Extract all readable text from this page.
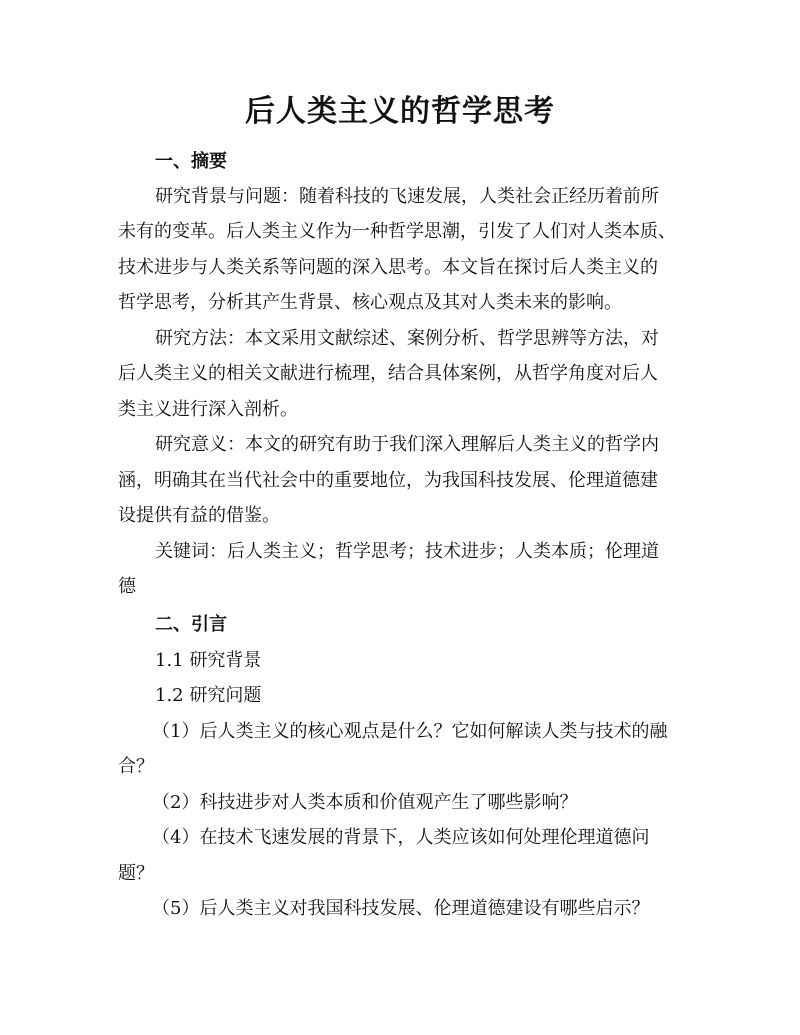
后人类主义的哲学思考
一、摘要
研究背景与问题：随着科技的飞速发展，人类社会正经历着前所
未有的变革。后人类主义作为一种哲学思潮，引发了人们对人类本质、
技术进步与人类关系等问题的深入思考。本文旨在探讨后人类主义的
哲学思考，分析其产生背景、核心观点及其对人类未来的影响。
研究方法：本文采用文献综述、案例分析、哲学思辨等方法，对
后人类主义的相关文献进行梳理，结合具体案例，从哲学角度对后人
类主义进行深入剖析。
研究意义：本文的研究有助于我们深入理解后人类主义的哲学内
涵，明确其在当代社会中的重要地位，为我国科技发展、伦理道德建
设提供有益的借鉴。
关键词：后人类主义；哲学思考；技术进步；人类本质；伦理道
德
二、引言
1.1 研究背景
1.2 研究问题
（1）后人类主义的核心观点是什么？它如何解读人类与技术的融
合？
（2）科技进步对人类本质和价值观产生了哪些影响？
（4）在技术飞速发展的背景下，人类应该如何处理伦理道德问
题？
（5）后人类主义对我国科技发展、伦理道德建设有哪些启示？
